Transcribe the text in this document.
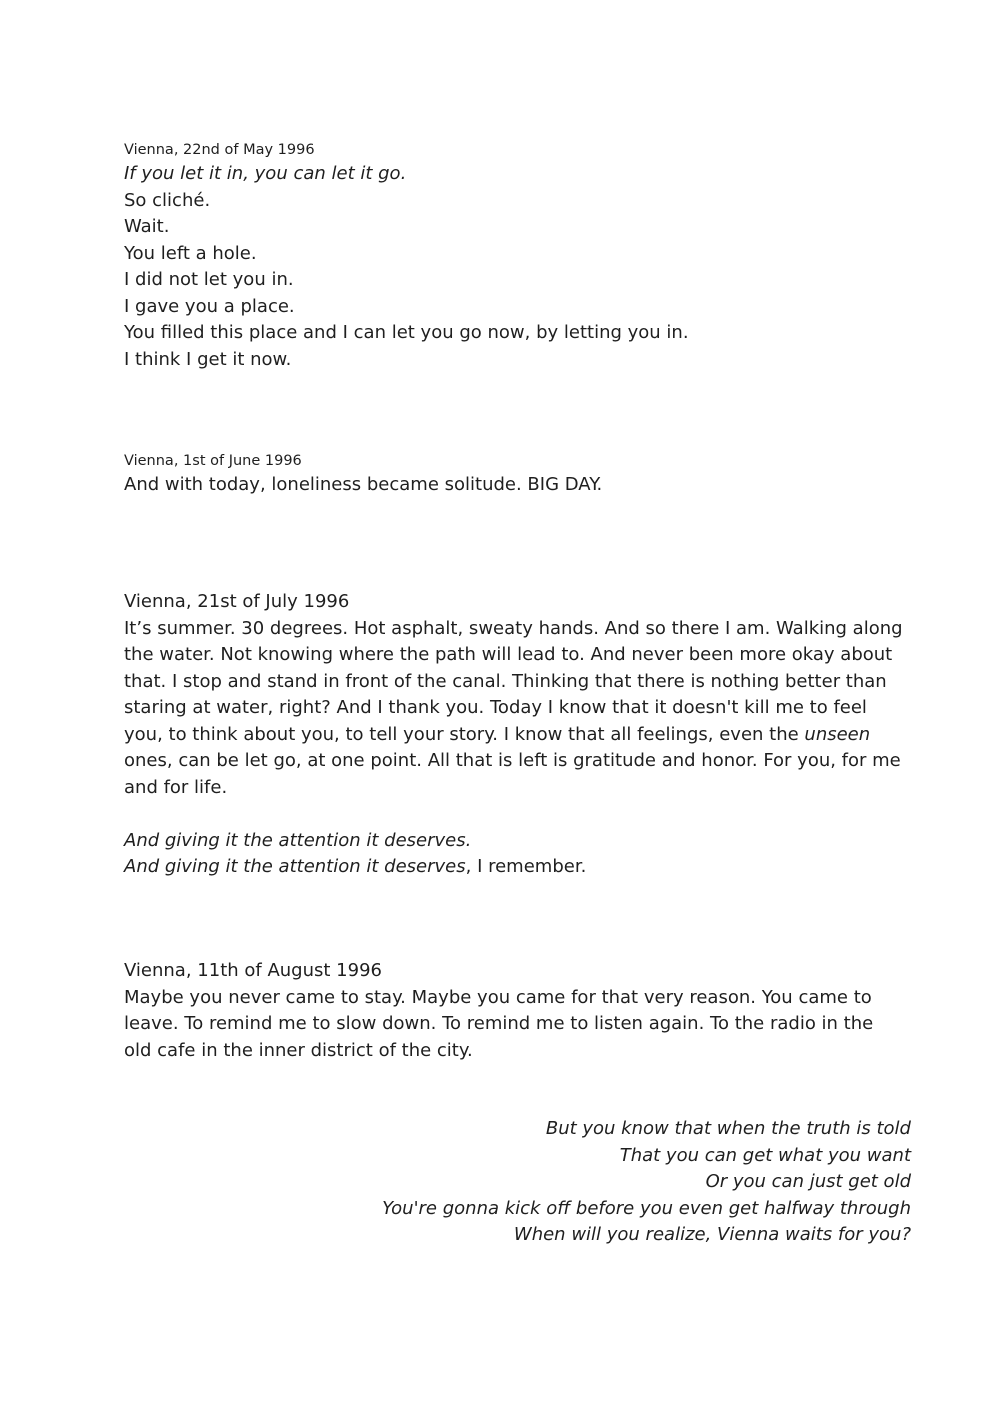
Vienna, 22nd of May 1996

If you let it in, you can let it go.

So cliché.

Wait.

You left a hole.

I did not let you in.

I gave you a place.

You filled this place and I can let you go now, by letting you in.

I think I get it now.

Vienna, 1st of June 1996

And with today, loneliness became solitude. BIG DAY.

Vienna, 21st of July 1996

It’s summer. 30 degrees. Hot asphalt, sweaty hands. And so there I am. Walking along

the water. Not knowing where the path will lead to. And never been more okay about

that. I stop and stand in front of the canal. Thinking that there is nothing better than

staring at water, right? And I thank you. Today I know that it doesn't kill me to feel

you, to think about you, to tell your story. I know that all feelings, even the unseen

ones, can be let go, at one point. All that is left is gratitude and honor. For you, for me

and for life.

And giving it the attention it deserves.

And giving it the attention it deserves, I remember.

Vienna, 11th of August 1996

Maybe you never came to stay. Maybe you came for that very reason. You came to

leave. To remind me to slow down. To remind me to listen again. To the radio in the

old cafe in the inner district of the city.

But you know that when the truth is told

That you can get what you want

Or you can just get old

You're gonna kick off before you even get halfway through

When will you realize, Vienna waits for you?
